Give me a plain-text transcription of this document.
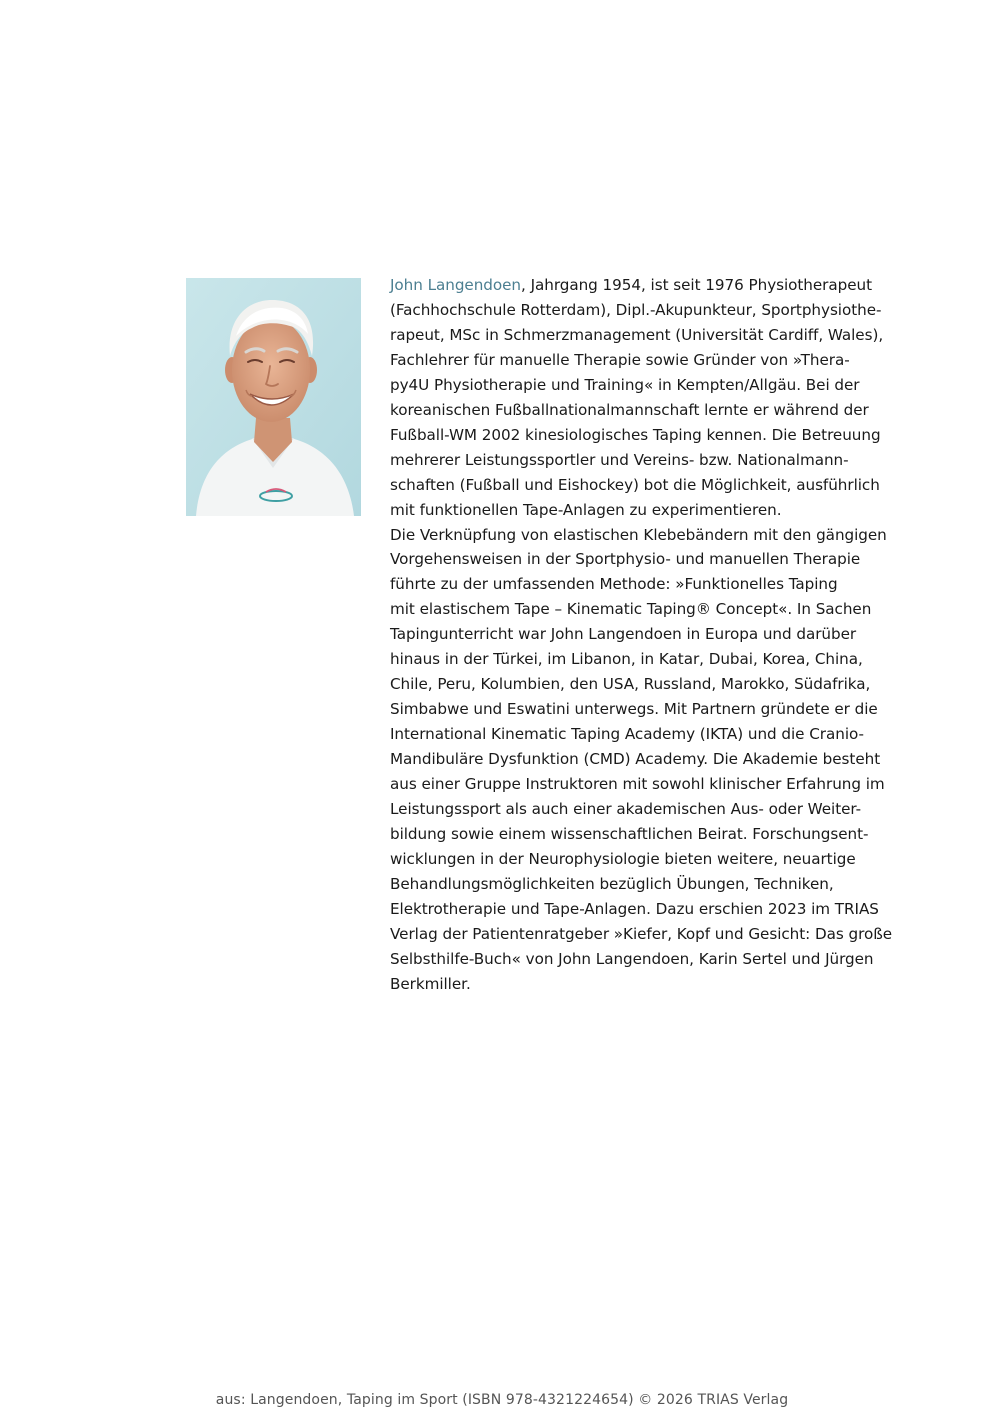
John Langendoen, Jahrgang 1954, ist seit 1976 Physiotherapeut
(Fachhochschule Rotterdam), Dipl.-Akupunkteur, Sportphysiothe-
rapeut, MSc in Schmerzmanagement (Universität Cardiff, Wales),
Fachlehrer für manuelle Therapie sowie Gründer von »Thera-
py4U Physiotherapie und Training« in Kempten/Allgäu. Bei der
koreanischen Fußballnationalmannschaft lernte er während der
Fußball-WM 2002 kinesiologisches Taping kennen. Die Betreuung
mehrerer Leistungssportler und Vereins- bzw. Nationalmann-
schaften (Fußball und Eishockey) bot die Möglichkeit, ausführlich
mit funktionellen Tape-Anlagen zu experimentieren.
Die Verknüpfung von elastischen Klebebändern mit den gängigen
Vorgehensweisen in der Sportphysio- und manuellen Therapie
führte zu der umfassenden Methode: »Funktionelles Taping
mit elastischem Tape – Kinematic Taping® Concept«. In Sachen
Tapingunterricht war John Langendoen in Europa und darüber
hinaus in der Türkei, im Libanon, in Katar, Dubai, Korea, China,
Chile, Peru, Kolumbien, den USA, Russland, Marokko, Südafrika,
Simbabwe und Eswatini unterwegs. Mit Partnern gründete er die
International Kinematic Taping Academy (IKTA) und die Cranio-
Mandibuläre Dysfunktion (CMD) Academy. Die Akademie besteht
aus einer Gruppe Instruktoren mit sowohl klinischer Erfahrung im
Leistungssport als auch einer akademischen Aus- oder Weiter-
bildung sowie einem wissenschaftlichen Beirat. Forschungsent-
wicklungen in der Neurophysiologie bieten weitere, neuartige
Behandlungsmöglichkeiten bezüglich Übungen, Techniken,
Elektrotherapie und Tape-Anlagen. Dazu erschien 2023 im TRIAS
Verlag der Patientenratgeber »Kiefer, Kopf und Gesicht: Das große
Selbsthilfe-Buch« von John Langendoen, Karin Sertel und Jürgen
Berkmiller.
aus: Langendoen, Taping im Sport (ISBN 978-4321224654) © 2026 TRIAS Verlag
